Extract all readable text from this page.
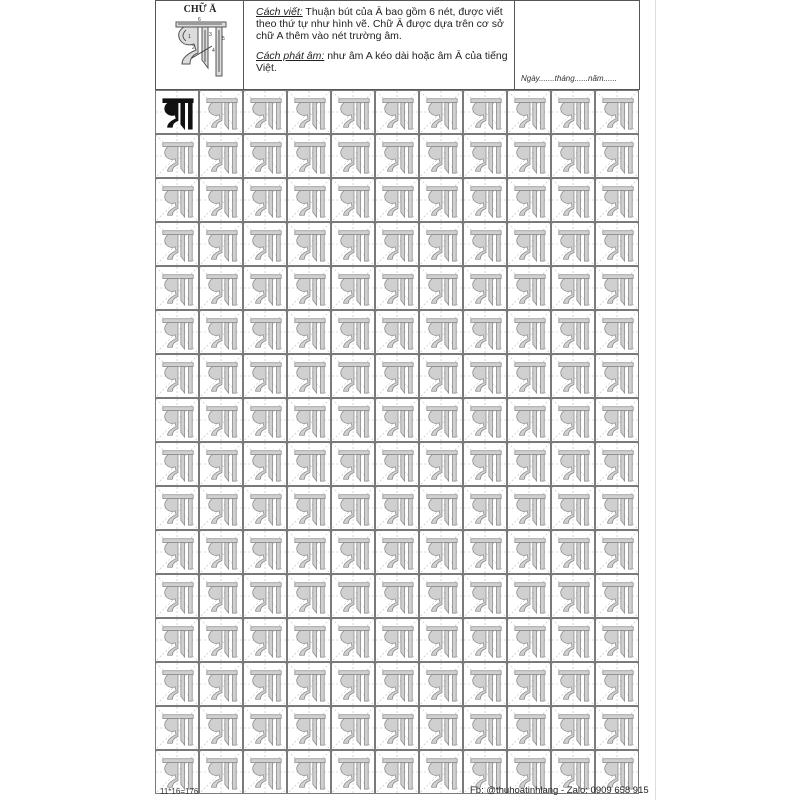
CHỮ Ā
1
2
3
4
5
6

Cách viết: Thuận bút của Ā bao gồm 6 nét, được viết theo thứ tự như hình vẽ. Chữ Ā được dựa trên cơ sở chữ A thêm vào nét trường âm.

Cách phát âm: như âm A kéo dài hoặc âm Ā của tiếng Việt.

Ngày.......tháng......năm......
11*16=176	Fb: @thuhoatinhlang - Zalo: 0909 658 915
